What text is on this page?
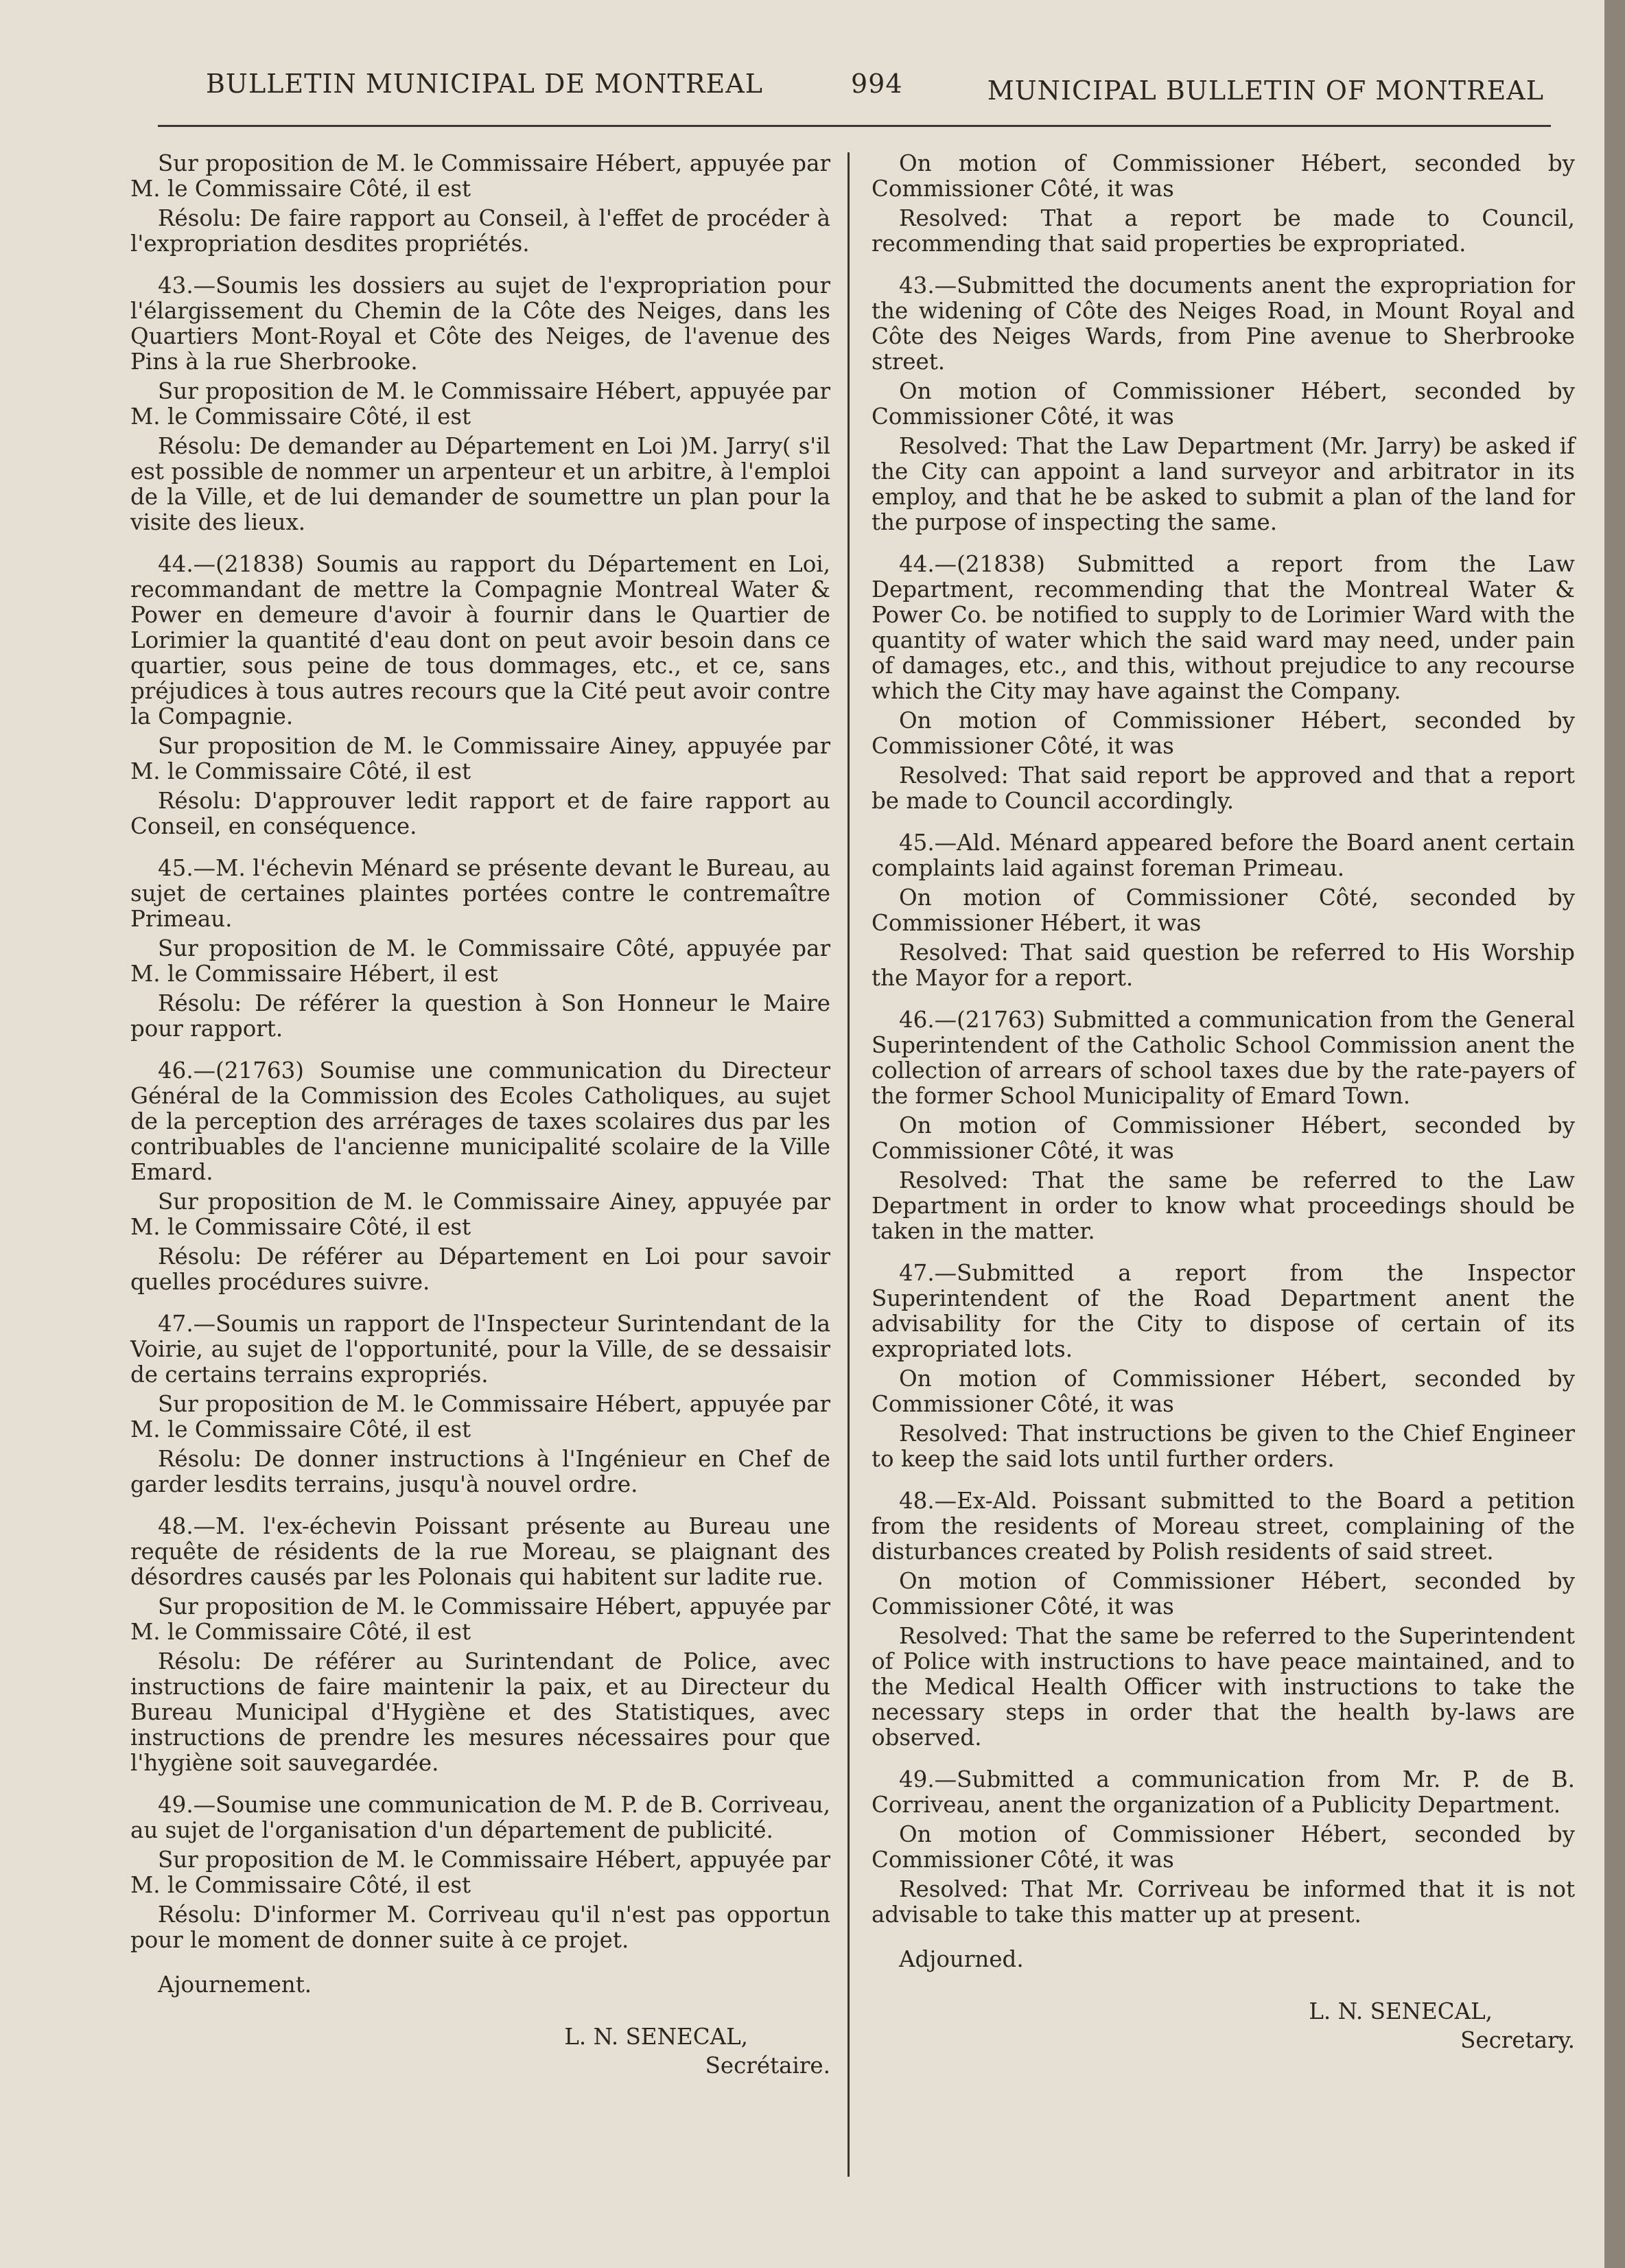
BULLETIN MUNICIPAL DE MONTREAL	994	MUNICIPAL BULLETIN OF MONTREAL

Sur proposition de M. le Commissaire Hébert, appuyée par M. le Commissaire Côté, il est

Résolu: De faire rapport au Conseil, à l'effet de procéder à l'expropriation desdites propriétés.

43.—Soumis les dossiers au sujet de l'expropriation pour l'élargissement du Chemin de la Côte des Neiges, dans les Quartiers Mont-Royal et Côte des Neiges, de l'avenue des Pins à la rue Sherbrooke.

Sur proposition de M. le Commissaire Hébert, appuyée par M. le Commissaire Côté, il est

Résolu: De demander au Département en Loi )M. Jarry( s'il est possible de nommer un arpenteur et un arbitre, à l'emploi de la Ville, et de lui demander de soumettre un plan pour la visite des lieux.

44.—(21838) Soumis au rapport du Département en Loi, recommandant de mettre la Compagnie Montreal Water & Power en demeure d'avoir à fournir dans le Quartier de Lorimier la quantité d'eau dont on peut avoir besoin dans ce quartier, sous peine de tous dommages, etc., et ce, sans préjudices à tous autres recours que la Cité peut avoir contre la Compagnie.

Sur proposition de M. le Commissaire Ainey, appuyée par M. le Commissaire Côté, il est

Résolu: D'approuver ledit rapport et de faire rapport au Conseil, en conséquence.

45.—M. l'échevin Ménard se présente devant le Bureau, au sujet de certaines plaintes portées contre le contremaître Primeau.

Sur proposition de M. le Commissaire Côté, appuyée par M. le Commissaire Hébert, il est

Résolu: De référer la question à Son Honneur le Maire pour rapport.

46.—(21763) Soumise une communication du Directeur Général de la Commission des Ecoles Catholiques, au sujet de la perception des arrérages de taxes scolaires dus par les contribuables de l'ancienne municipalité scolaire de la Ville Emard.

Sur proposition de M. le Commissaire Ainey, appuyée par M. le Commissaire Côté, il est

Résolu: De référer au Département en Loi pour savoir quelles procédures suivre.

47.—Soumis un rapport de l'Inspecteur Surintendant de la Voirie, au sujet de l'opportunité, pour la Ville, de se dessaisir de certains terrains expropriés.

Sur proposition de M. le Commissaire Hébert, appuyée par M. le Commissaire Côté, il est

Résolu: De donner instructions à l'Ingénieur en Chef de garder lesdits terrains, jusqu'à nouvel ordre.

48.—M. l'ex-échevin Poissant présente au Bureau une requête de résidents de la rue Moreau, se plaignant des désordres causés par les Polonais qui habitent sur ladite rue.

Sur proposition de M. le Commissaire Hébert, appuyée par M. le Commissaire Côté, il est

Résolu: De référer au Surintendant de Police, avec instructions de faire maintenir la paix, et au Directeur du Bureau Municipal d'Hygiène et des Statistiques, avec instructions de prendre les mesures nécessaires pour que l'hygiène soit sauvegardée.

49.—Soumise une communication de M. P. de B. Corriveau, au sujet de l'organisation d'un département de publicité.

Sur proposition de M. le Commissaire Hébert, appuyée par M. le Commissaire Côté, il est

Résolu: D'informer M. Corriveau qu'il n'est pas opportun pour le moment de donner suite à ce projet.

Ajournement.

L. N. SENECAL,
Secrétaire.

On motion of Commissioner Hébert, seconded by Commissioner Côté, it was

Resolved: That a report be made to Council, recommending that said properties be expropriated.

43.—Submitted the documents anent the expropriation for the widening of Côte des Neiges Road, in Mount Royal and Côte des Neiges Wards, from Pine avenue to Sherbrooke street.

On motion of Commissioner Hébert, seconded by Commissioner Côté, it was

Resolved: That the Law Department (Mr. Jarry) be asked if the City can appoint a land surveyor and arbitrator in its employ, and that he be asked to submit a plan of the land for the purpose of inspecting the same.

44.—(21838) Submitted a report from the Law Department, recommending that the Montreal Water & Power Co. be notified to supply to de Lorimier Ward with the quantity of water which the said ward may need, under pain of damages, etc., and this, without prejudice to any recourse which the City may have against the Company.

On motion of Commissioner Hébert, seconded by Commissioner Côté, it was

Resolved: That said report be approved and that a report be made to Council accordingly.

45.—Ald. Ménard appeared before the Board anent certain complaints laid against foreman Primeau.

On motion of Commissioner Côté, seconded by Commissioner Hébert, it was

Resolved: That said question be referred to His Worship the Mayor for a report.

46.—(21763) Submitted a communication from the General Superintendent of the Catholic School Commission anent the collection of arrears of school taxes due by the rate-payers of the former School Municipality of Emard Town.

On motion of Commissioner Hébert, seconded by Commissioner Côté, it was

Resolved: That the same be referred to the Law Department in order to know what proceedings should be taken in the matter.

47.—Submitted a report from the Inspector Superintendent of the Road Department anent the advisability for the City to dispose of certain of its expropriated lots.

On motion of Commissioner Hébert, seconded by Commissioner Côté, it was

Resolved: That instructions be given to the Chief Engineer to keep the said lots until further orders.

48.—Ex-Ald. Poissant submitted to the Board a petition from the residents of Moreau street, complaining of the disturbances created by Polish residents of said street.

On motion of Commissioner Hébert, seconded by Commissioner Côté, it was

Resolved: That the same be referred to the Superintendent of Police with instructions to have peace maintained, and to the Medical Health Officer with instructions to take the necessary steps in order that the health by-laws are observed.

49.—Submitted a communication from Mr. P. de B. Corriveau, anent the organization of a Publicity Department.

On motion of Commissioner Hébert, seconded by Commissioner Côté, it was

Resolved: That Mr. Corriveau be informed that it is not advisable to take this matter up at present.

Adjourned.

L. N. SENECAL,
Secretary.
